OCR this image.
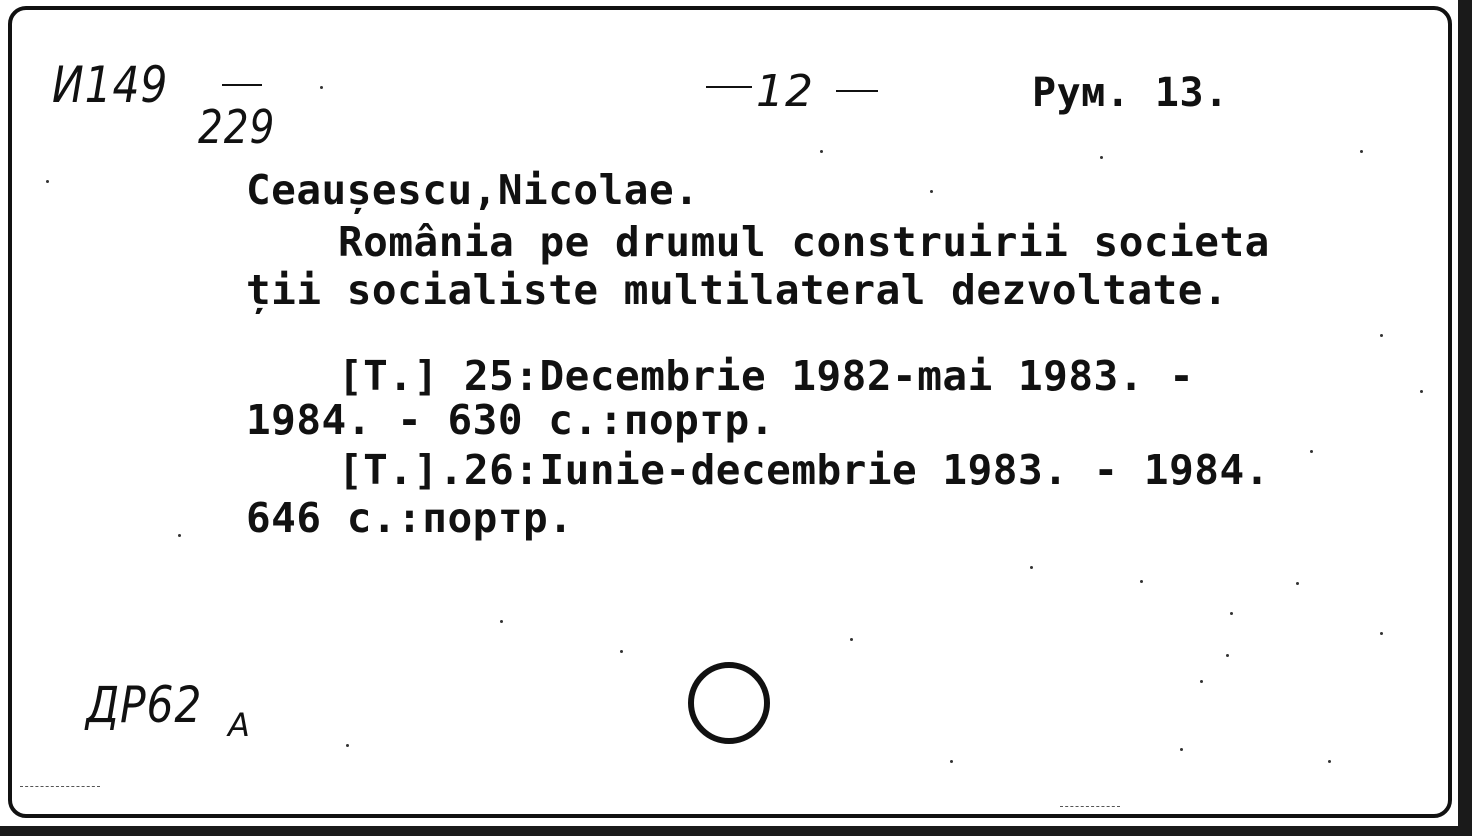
И149
229
12	Рум. 13.
Ceaușescu,Nicolae.
România pe drumul construirii societa
ții socialiste multilateral dezvoltate.
[T.] 25:Decembrie 1982-mai 1983. -
1984. - 630 c.:портр.
[T.].26:Iunie-decembrie 1983. - 1984.
646 c.:портр.
ДР62 А
